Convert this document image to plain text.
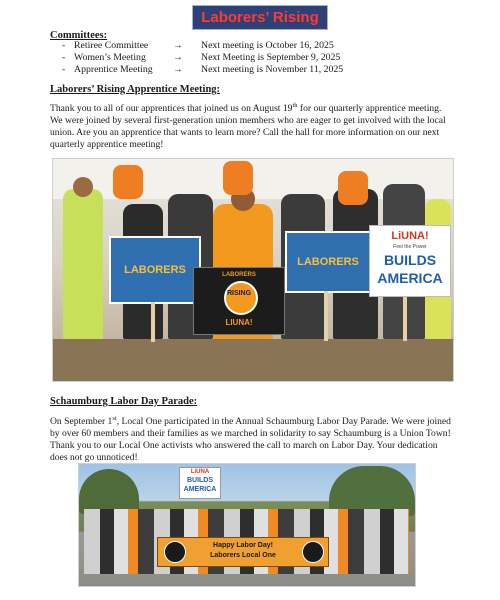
Laborers’ Rising
Committees:
- Retiree Committee	→ Next meeting is October 16, 2025
- Women’s Meeting	→ Next Meeting is September 9, 2025
- Apprentice Meeting → Next meeting is November 11, 2025
Laborers’ Rising Apprentice Meeting:
Thank you to all of our apprentices that joined us on August 19th for our quarterly apprentice meeting. We were joined by several first-generation union members who are eager to get involved with the local union. Are you an apprentice that wants to learn more? Call the hall for more information on our next quarterly apprentice meeting!
LABORERS	LABORERS
RISING
LIUNA!
LABORERS
LiUNA!
Feel the Power
BUILDS
AMERICA
Schaumburg Labor Day Parade:
On September 1st, Local One participated in the Annual Schaumburg Labor Day Parade. We were joined by over 60 members and their families as we marched in solidarity to say Schaumburg is a Union Town! Thank you to our Local One activists who answered the call to march on Labor Day. Your dedication does not go unnoticed!
LiUNA
BUILDS
AMERICA
Happy Labor Day!
Laborers Local One
